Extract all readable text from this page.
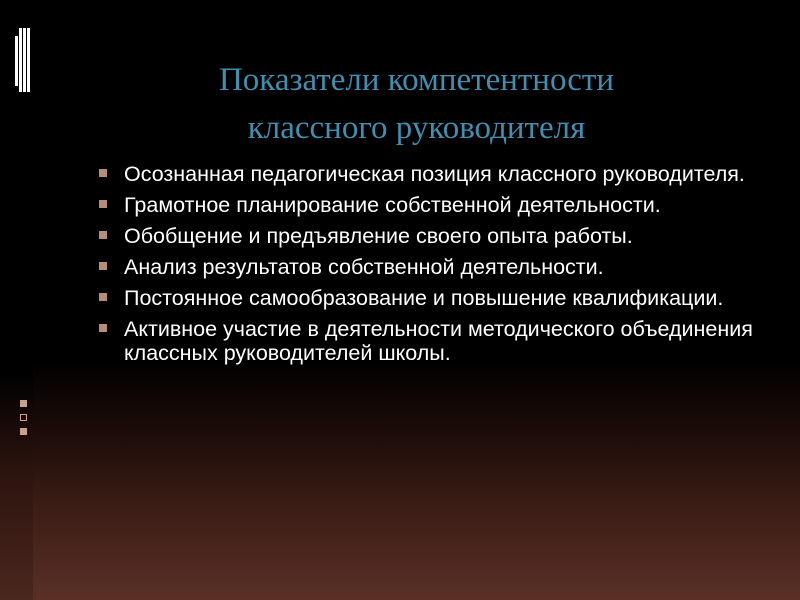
Показатели компетентности
классного руководителя
Осознанная педагогическая позиция классного руководителя.
Грамотное планирование собственной деятельности.
Обобщение и предъявление своего опыта работы.
Анализ результатов собственной деятельности.
Постоянное самообразование и повышение квалификации.
Активное участие в деятельности методического объединения классных руководителей школы.
